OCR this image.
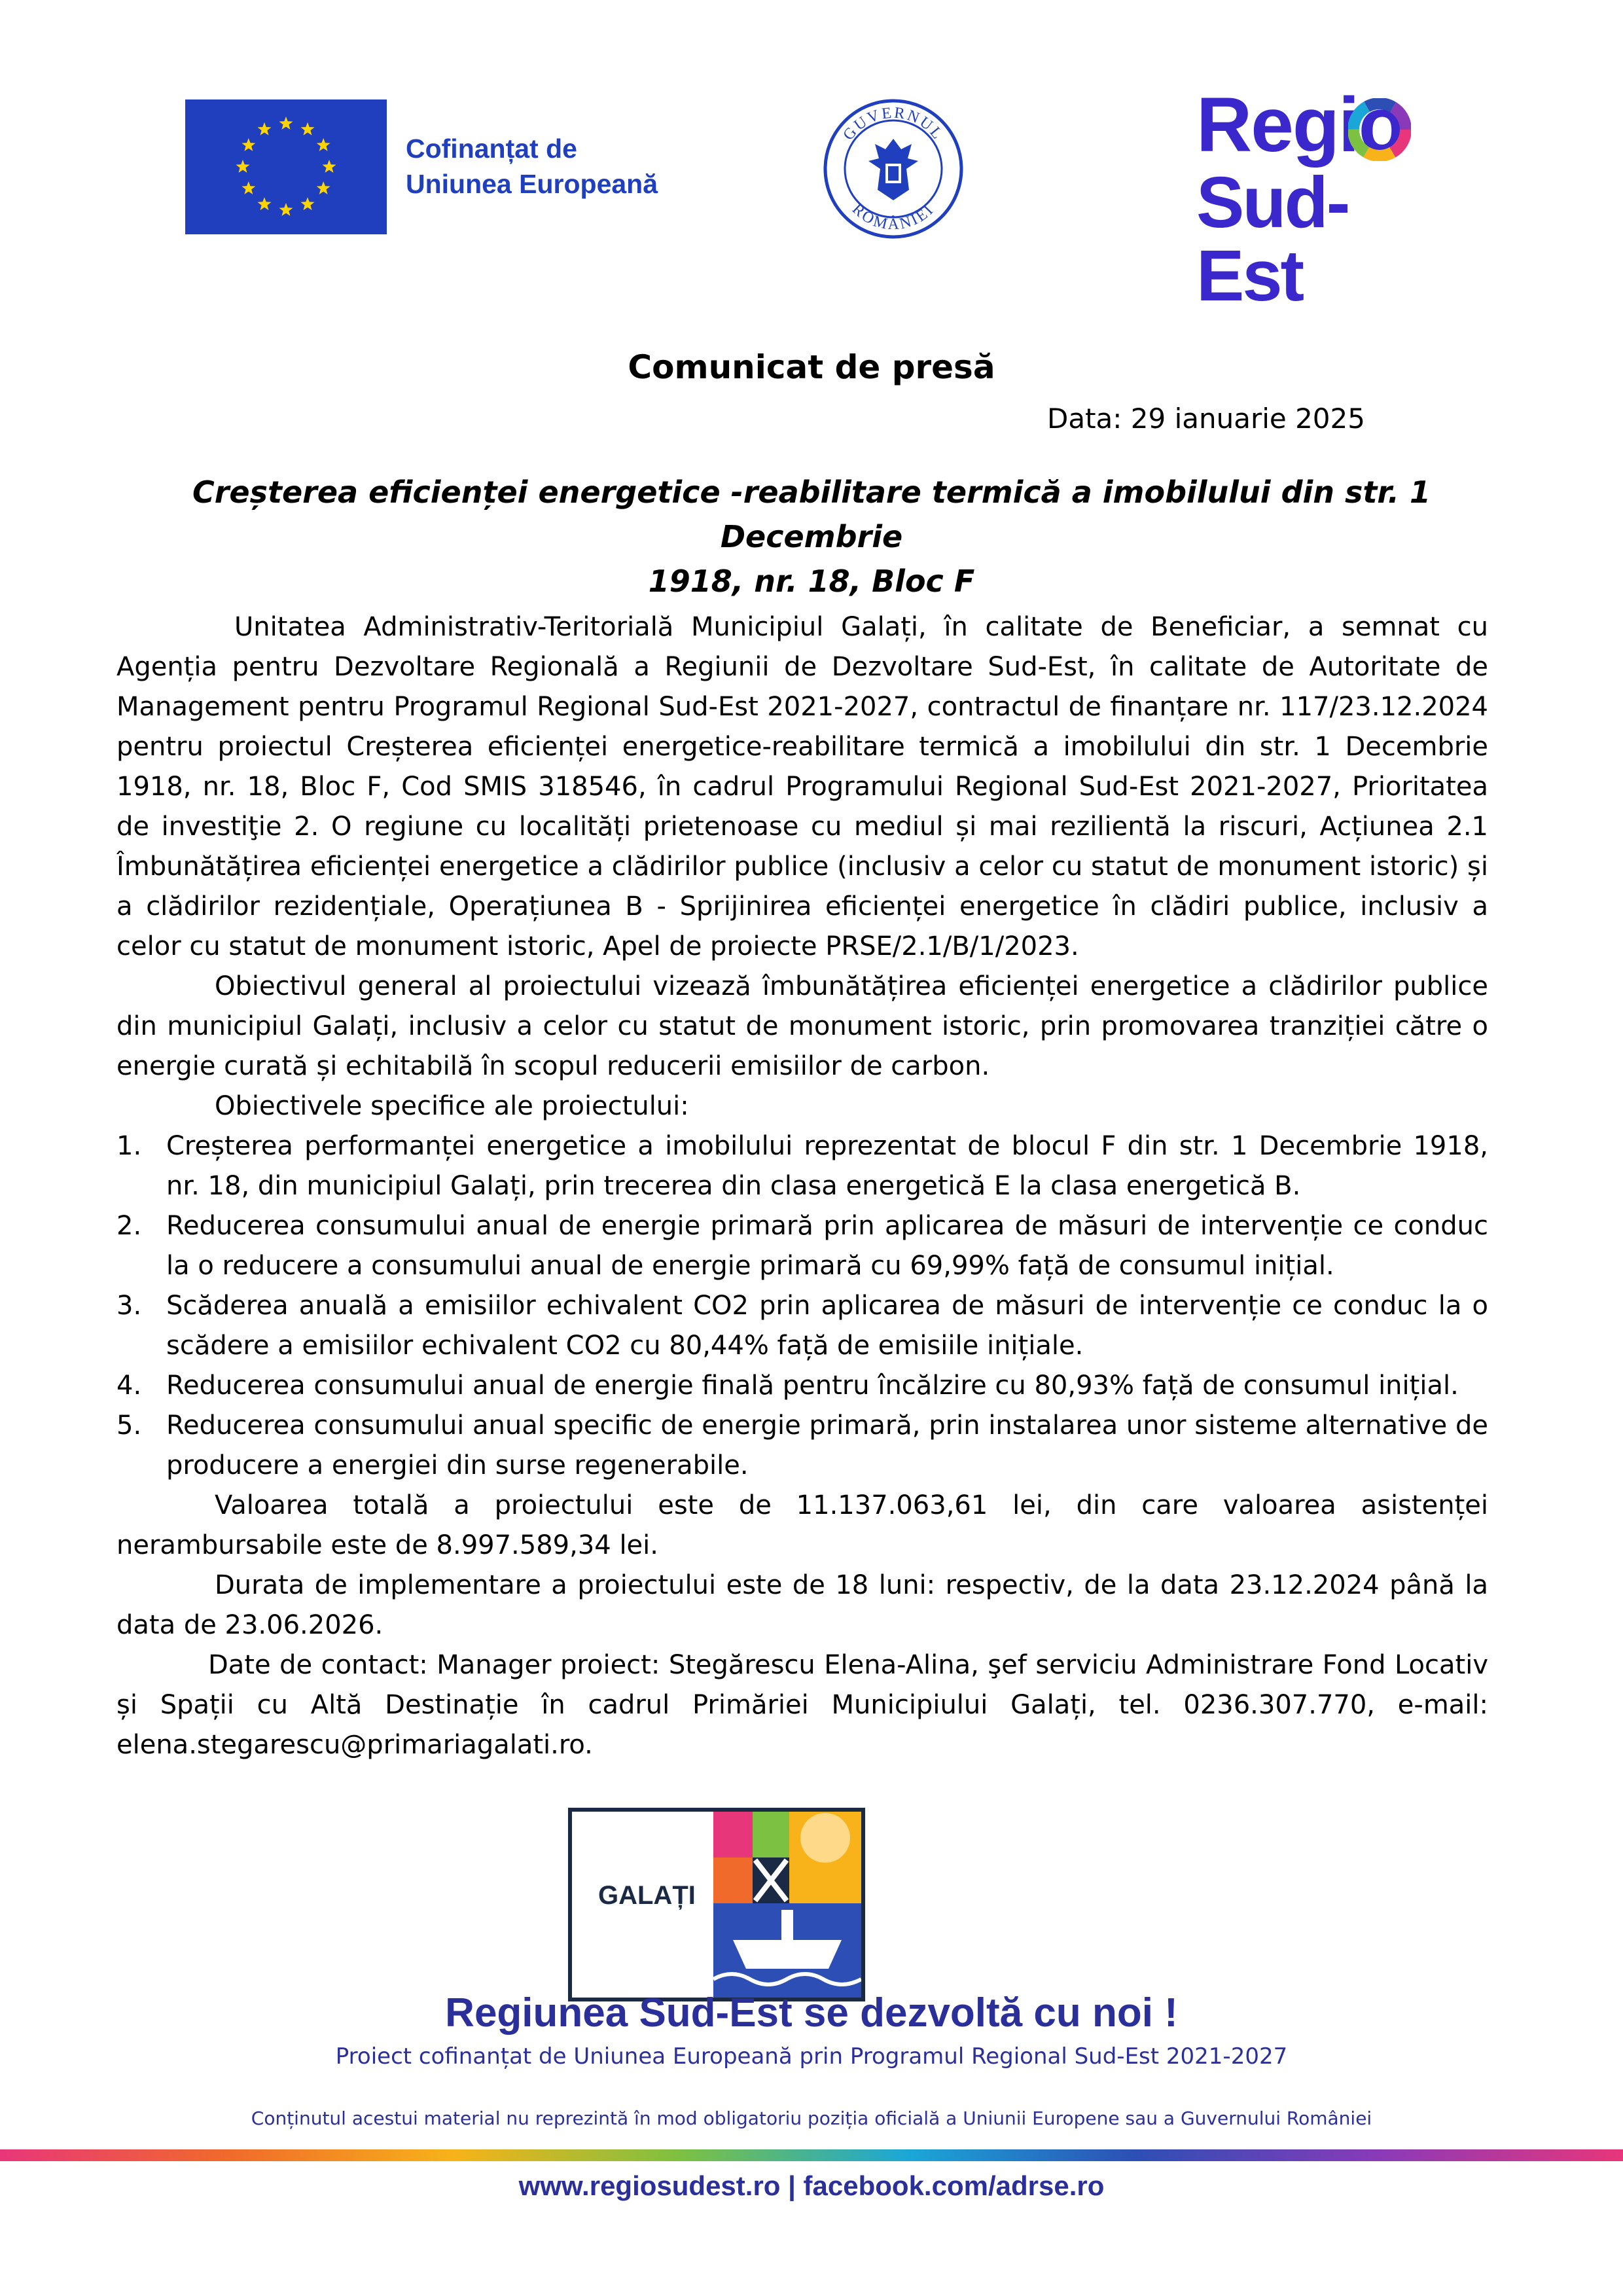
Cofinanțat de
Uniunea Europeană
GUVERNUL
ROMÂNIEI
Regio
Sud-Est
Comunicat de presă
Data: 29 ianuarie 2025
Creșterea eficienței energetice -reabilitare termică a imobilului din str. 1 Decembrie
1918, nr. 18, Bloc F

Unitatea Administrativ-Teritorială Municipiul Galați, în calitate de Beneficiar, a semnat cu Agenția pentru Dezvoltare Regională a Regiunii de Dezvoltare Sud-Est, în calitate de Autoritate de Management pentru Programul Regional Sud-Est 2021-2027, contractul de finanțare nr. 117/23.12.2024 pentru proiectul Creșterea eficienței energetice-reabilitare termică a imobilului din str. 1 Decembrie 1918, nr. 18, Bloc F, Cod SMIS 318546, în cadrul Programului Regional Sud-Est 2021-2027, Prioritatea de investiţie 2. O regiune cu localități prietenoase cu mediul și mai rezilientă la riscuri, Acțiunea 2.1 Îmbunătățirea eficienței energetice a clădirilor publice (inclusiv a celor cu statut de monument istoric) și a clădirilor rezidențiale, Operațiunea B - Sprijinirea eficienței energetice în clădiri publice, inclusiv a celor cu statut de monument istoric, Apel de proiecte PRSE/2.1/B/1/2023.

Obiectivul general al proiectului vizează îmbunătățirea eficienței energetice a clădirilor publice din municipiul Galați, inclusiv a celor cu statut de monument istoric, prin promovarea tranziției către o energie curată și echitabilă în scopul reducerii emisiilor de carbon.

Obiectivele specifice ale proiectului:

1. Creșterea performanței energetice a imobilului reprezentat de blocul F din str. 1 Decembrie 1918, nr. 18, din municipiul Galați, prin trecerea din clasa energetică E la clasa energetică B.
2. Reducerea consumului anual de energie primară prin aplicarea de măsuri de intervenție ce conduc la o reducere a consumului anual de energie primară cu 69,99% față de consumul inițial.
3. Scăderea anuală a emisiilor echivalent CO2 prin aplicarea de măsuri de intervenție ce conduc la o scădere a emisiilor echivalent CO2 cu 80,44% față de emisiile inițiale.
4. Reducerea consumului anual de energie finală pentru încălzire cu 80,93% față de consumul inițial.
5. Reducerea consumului anual specific de energie primară, prin instalarea unor sisteme alternative de producere a energiei din surse regenerabile.

Valoarea totală a proiectului este de 11.137.063,61 lei, din care valoarea asistenței nerambursabile este de 8.997.589,34 lei.

Durata de implementare a proiectului este de 18 luni: respectiv, de la data 23.12.2024 până la data de 23.06.2026.

Date de contact: Manager proiect: Stegărescu Elena-Alina, şef serviciu Administrare Fond Locativ și Spații cu Altă Destinație în cadrul Primăriei Municipiului Galați, tel. 0236.307.770, e-mail: elena.stegarescu@primariagalati.ro.

GALAȚI
Regiunea Sud-Est se dezvoltă cu noi !
Proiect cofinanțat de Uniunea Europeană prin Programul Regional Sud-Est 2021-2027
Conținutul acestui material nu reprezintă în mod obligatoriu poziția oficială a Uniunii Europene sau a Guvernului României
www.regiosudest.ro | facebook.com/adrse.ro
